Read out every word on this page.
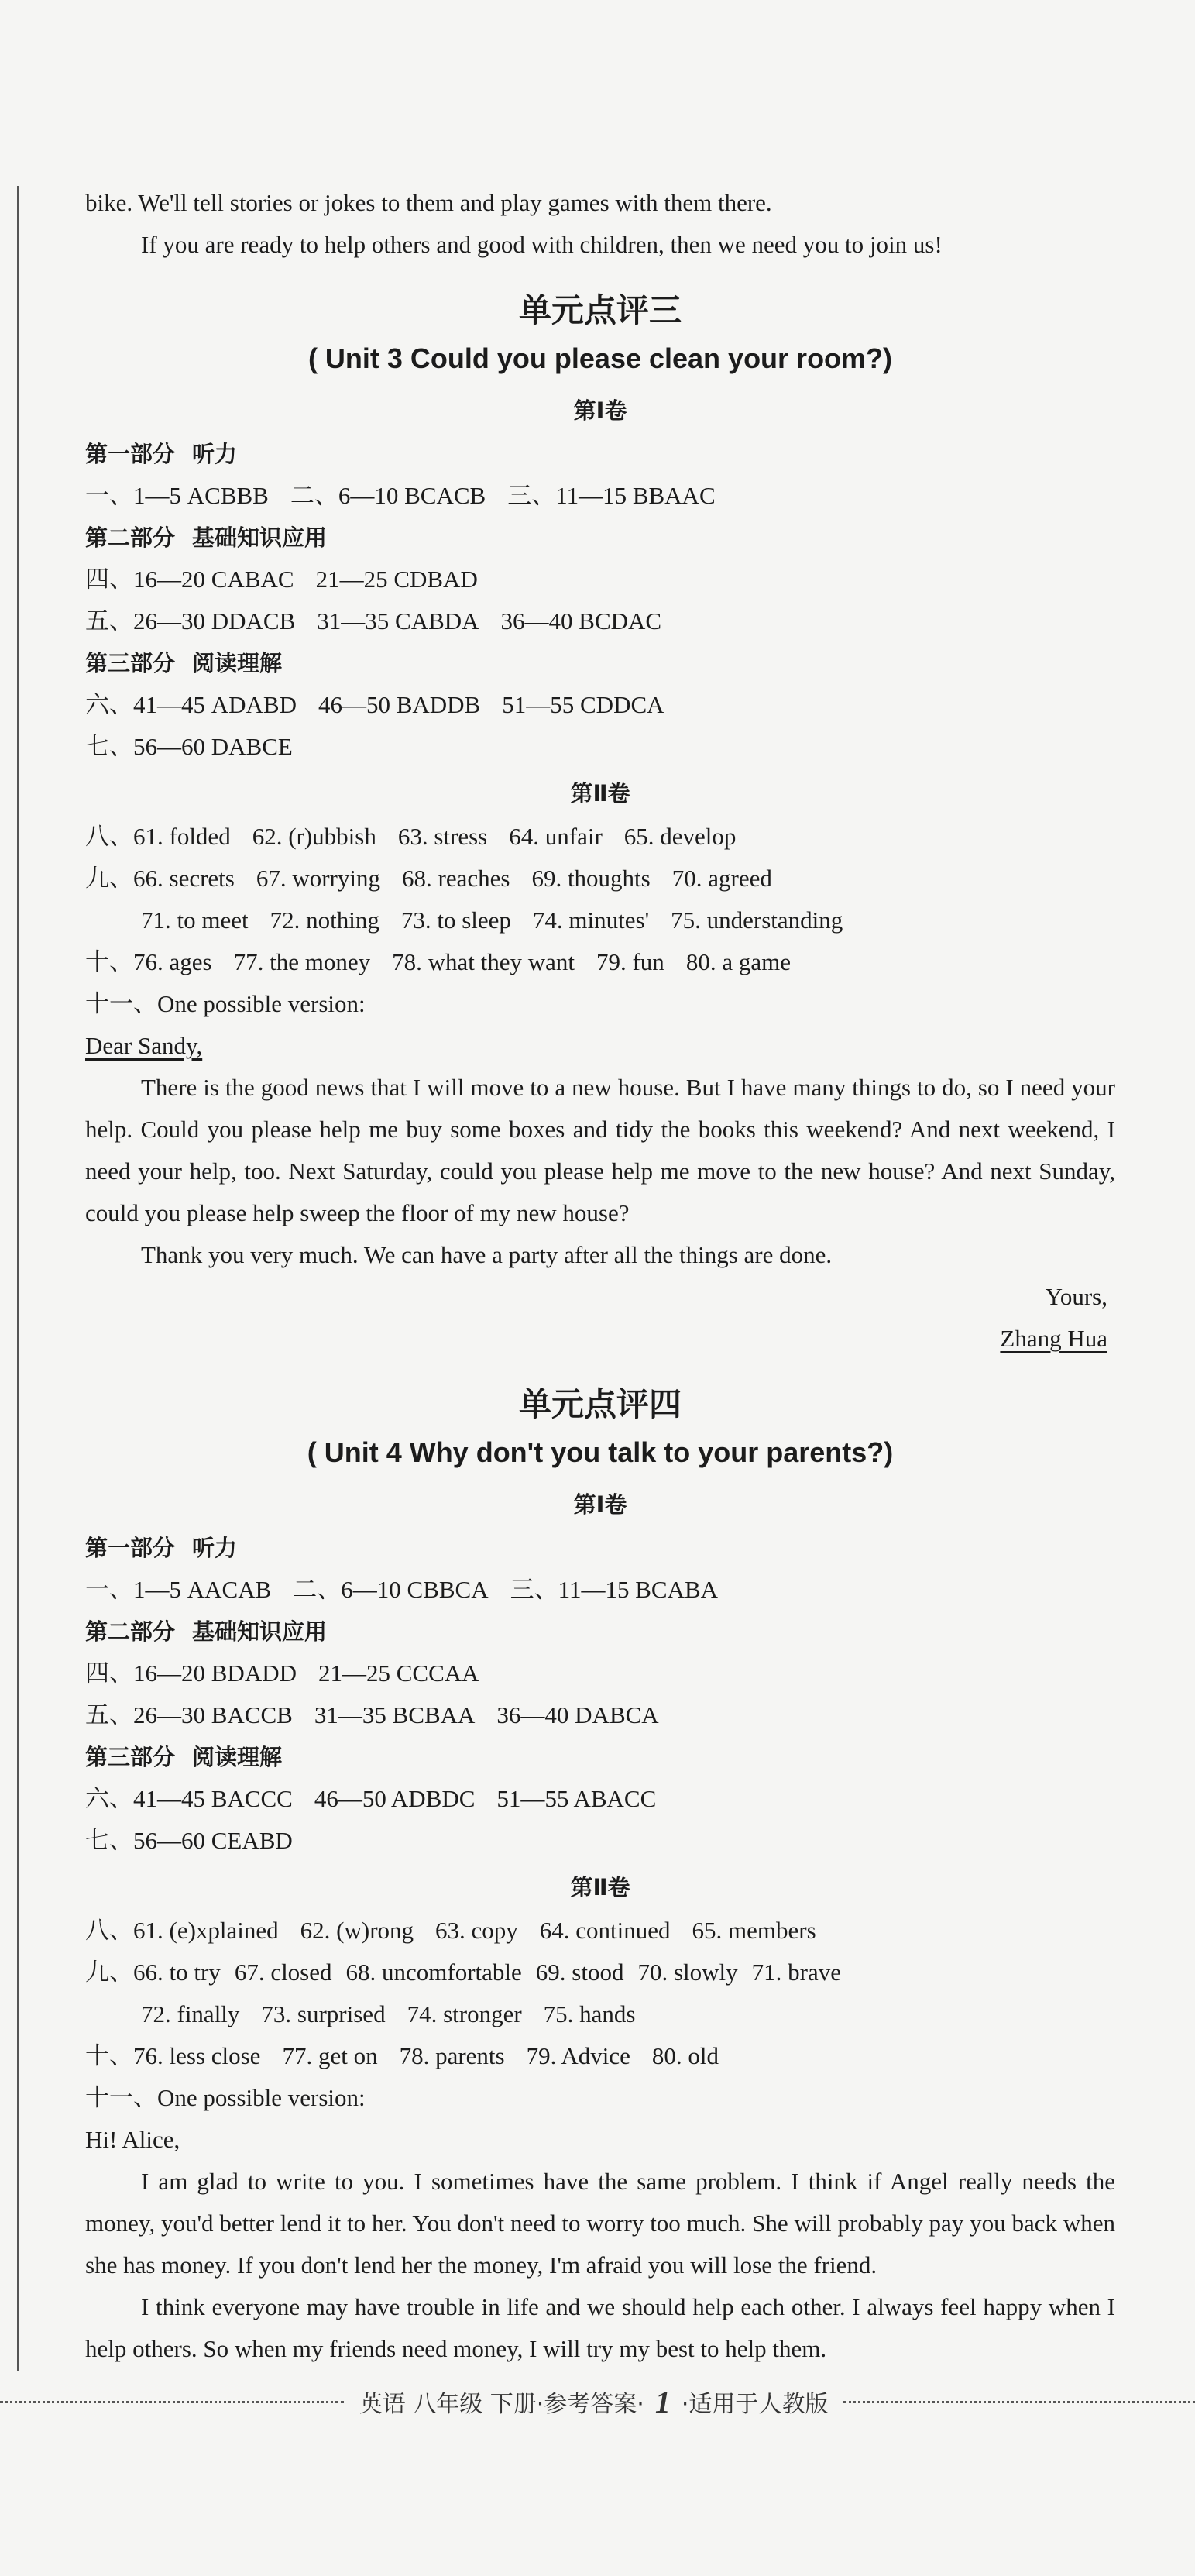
bike. We'll tell stories or jokes to them and play games with them there.

If you are ready to help others and good with children, then we need you to join us!

单元点评三
( Unit 3 Could you please clean your room?)
第Ⅰ卷
第一部分 听力
一、1—5 ACBBB 二、6—10 BCACB 三、11—15 BBAAC
第二部分 基础知识应用
四、16—20 CABAC 21—25 CDBAD
五、26—30 DDACB 31—35 CABDA 36—40 BCDAC
第三部分 阅读理解
六、41—45 ADABD 46—50 BADDB 51—55 CDDCA
七、56—60 DABCE
第Ⅱ卷
八、61. folded 62. (r)ubbish 63. stress 64. unfair 65. develop
九、66. secrets 67. worrying 68. reaches 69. thoughts 70. agreed
71. to meet 72. nothing 73. to sleep 74. minutes' 75. understanding
十、76. ages 77. the money 78. what they want 79. fun 80. a game
十一、One possible version:
Dear Sandy,

There is the good news that I will move to a new house. But I have many things to do, so I need your help. Could you please help me buy some boxes and tidy the books this weekend? And next weekend, I need your help, too. Next Saturday, could you please help me move to the new house? And next Sunday, could you please help sweep the floor of my new house?

Thank you very much. We can have a party after all the things are done.

Yours,
Zhang Hua
单元点评四
( Unit 4 Why don't you talk to your parents?)
第Ⅰ卷
第一部分 听力
一、1—5 AACAB 二、6—10 CBBCA 三、11—15 BCABA
第二部分 基础知识应用
四、16—20 BDADD 21—25 CCCAA
五、26—30 BACCB 31—35 BCBAA 36—40 DABCA
第三部分 阅读理解
六、41—45 BACCC 46—50 ADBDC 51—55 ABACC
七、56—60 CEABD
第Ⅱ卷
八、61. (e)xplained 62. (w)rong 63. copy 64. continued 65. members
九、66. to try 67. closed 68. uncomfortable 69. stood 70. slowly 71. brave
72. finally 73. surprised 74. stronger 75. hands
十、76. less close 77. get on 78. parents 79. Advice 80. old
十一、One possible version:
Hi! Alice,

I am glad to write to you. I sometimes have the same problem. I think if Angel really needs the money, you'd better lend it to her. You don't need to worry too much. She will probably pay you back when she has money. If you don't lend her the money, I'm afraid you will lose the friend.

I think everyone may have trouble in life and we should help each other. I always feel happy when I help others. So when my friends need money, I will try my best to help them.

英语 八年级 下册·参考答案· 1 ·适用于人教版
